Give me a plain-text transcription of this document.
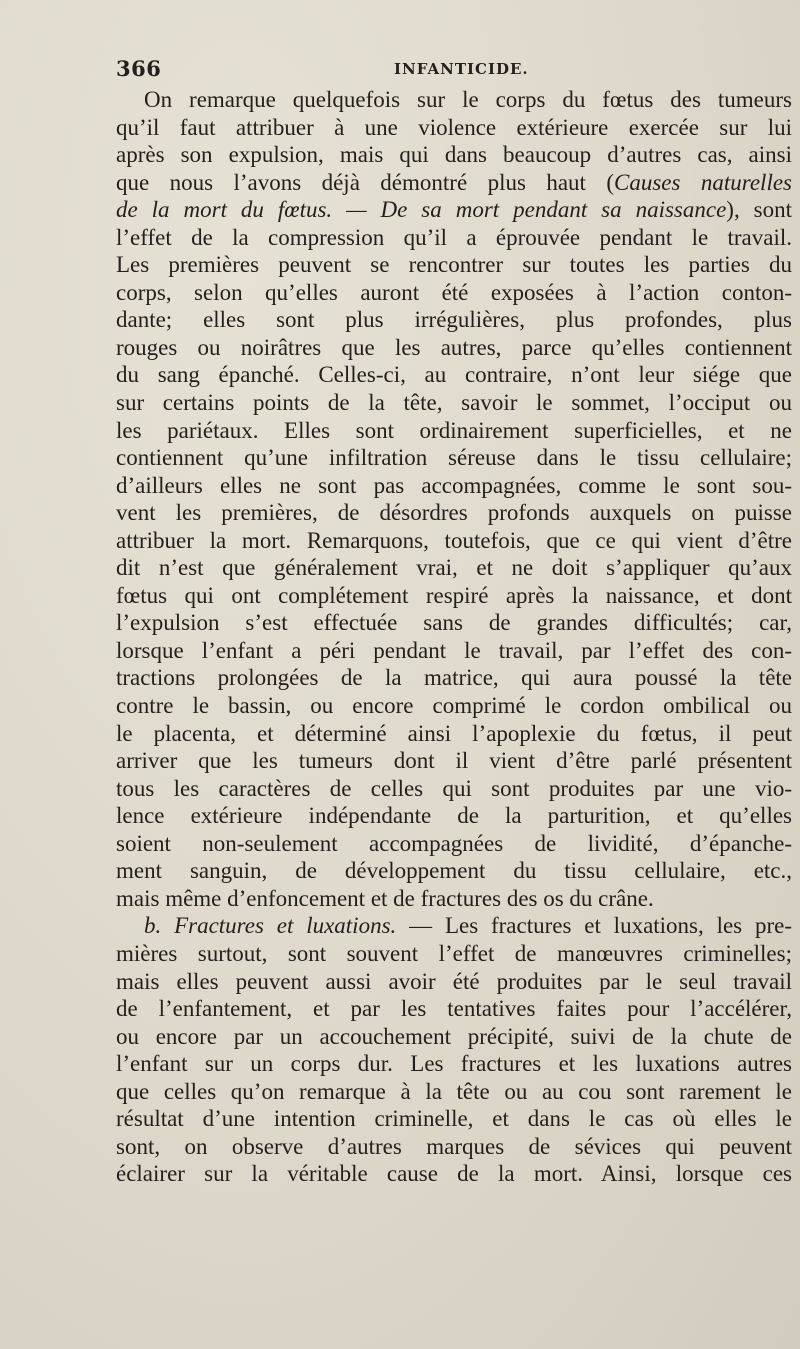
366	INFANTICIDE.
On remarque quelquefois sur le corps du fœtus des tumeurs
qu’il faut attribuer à une violence extérieure exercée sur lui
après son expulsion, mais qui dans beaucoup d’autres cas, ainsi
que nous l’avons déjà démontré plus haut (Causes naturelles
de la mort du fœtus. — De sa mort pendant sa naissance), sont
l’effet de la compression qu’il a éprouvée pendant le travail.
Les premières peuvent se rencontrer sur toutes les parties du
corps, selon qu’elles auront été exposées à l’action conton-
dante; elles sont plus irrégulières, plus profondes, plus
rouges ou noirâtres que les autres, parce qu’elles contiennent
du sang épanché. Celles-ci, au contraire, n’ont leur siége que
sur certains points de la tête, savoir le sommet, l’occiput ou
les pariétaux. Elles sont ordinairement superficielles, et ne
contiennent qu’une infiltration séreuse dans le tissu cellulaire;
d’ailleurs elles ne sont pas accompagnées, comme le sont sou-
vent les premières, de désordres profonds auxquels on puisse
attribuer la mort. Remarquons, toutefois, que ce qui vient d’être
dit n’est que généralement vrai, et ne doit s’appliquer qu’aux
fœtus qui ont complétement respiré après la naissance, et dont
l’expulsion s’est effectuée sans de grandes difficultés; car,
lorsque l’enfant a péri pendant le travail, par l’effet des con-
tractions prolongées de la matrice, qui aura poussé la tête
contre le bassin, ou encore comprimé le cordon ombilical ou
le placenta, et déterminé ainsi l’apoplexie du fœtus, il peut
arriver que les tumeurs dont il vient d’être parlé présentent
tous les caractères de celles qui sont produites par une vio-
lence extérieure indépendante de la parturition, et qu’elles
soient non-seulement accompagnées de lividité, d’épanche-
ment sanguin, de développement du tissu cellulaire, etc.,
mais même d’enfoncement et de fractures des os du crâne.
b. Fractures et luxations. — Les fractures et luxations, les pre-
mières surtout, sont souvent l’effet de manœuvres criminelles;
mais elles peuvent aussi avoir été produites par le seul travail
de l’enfantement, et par les tentatives faites pour l’accélérer,
ou encore par un accouchement précipité, suivi de la chute de
l’enfant sur un corps dur. Les fractures et les luxations autres
que celles qu’on remarque à la tête ou au cou sont rarement le
résultat d’une intention criminelle, et dans le cas où elles le
sont, on observe d’autres marques de sévices qui peuvent
éclairer sur la véritable cause de la mort. Ainsi, lorsque ces
